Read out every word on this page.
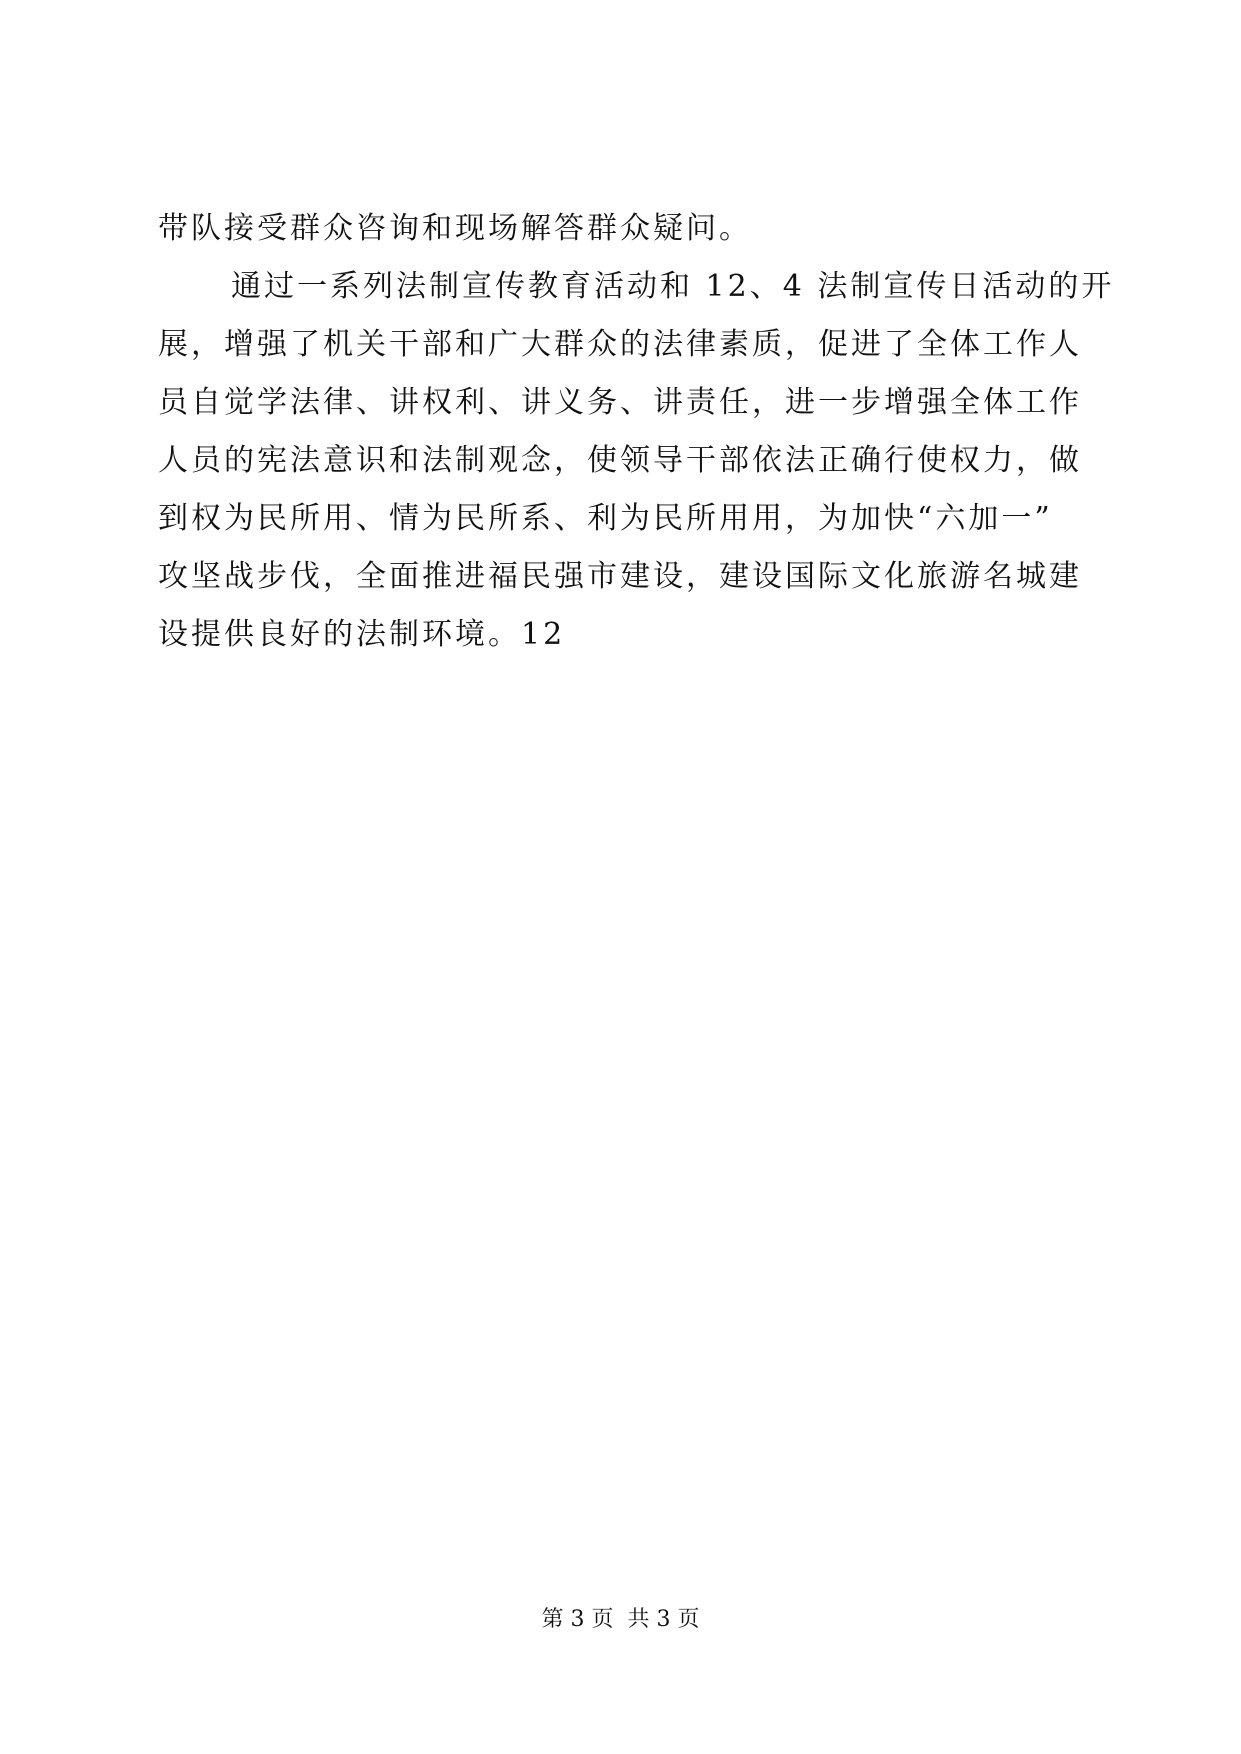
带队接受群众咨询和现场解答群众疑问。
通过一系列法制宣传教育活动和 12、4 法制宣传日活动的开
展，增强了机关干部和广大群众的法律素质，促进了全体工作人
员自觉学法律、讲权利、讲义务、讲责任，进一步增强全体工作
人员的宪法意识和法制观念，使领导干部依法正确行使权力，做
到权为民所用、情为民所系、利为民所用用，为加快“六加一”
攻坚战步伐，全面推进福民强市建设，建设国际文化旅游名城建
设提供良好的法制环境。12
第 3 页  共 3 页
